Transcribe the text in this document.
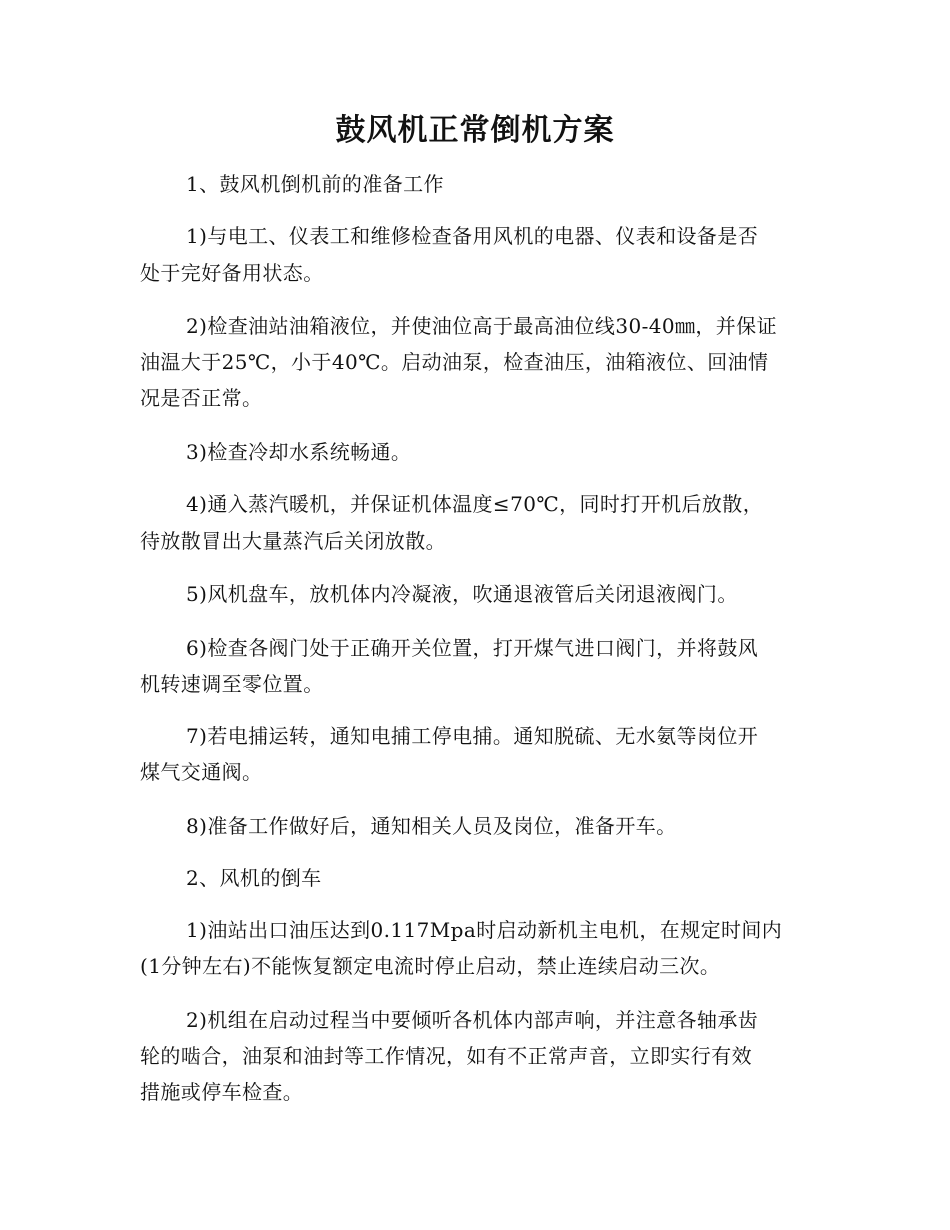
鼓风机正常倒机方案

1、鼓风机倒机前的准备工作

1)与电工、仪表工和维修检查备用风机的电器、仪表和设备是否

处于完好备用状态。

2)检查油站油箱液位，并使油位高于最高油位线30-40㎜，并保证

油温大于25℃，小于40℃。启动油泵，检查油压，油箱液位、回油情

况是否正常。

3)检查冷却水系统畅通。

4)通入蒸汽暖机，并保证机体温度≤70℃，同时打开机后放散，

待放散冒出大量蒸汽后关闭放散。

5)风机盘车，放机体内冷凝液，吹通退液管后关闭退液阀门。

6)检查各阀门处于正确开关位置，打开煤气进口阀门，并将鼓风

机转速调至零位置。

7)若电捕运转，通知电捕工停电捕。通知脱硫、无水氨等岗位开

煤气交通阀。

8)准备工作做好后，通知相关人员及岗位，准备开车。

2、风机的倒车

1)油站出口油压达到0.117Mpa时启动新机主电机，在规定时间内

(1分钟左右)不能恢复额定电流时停止启动，禁止连续启动三次。

2)机组在启动过程当中要倾听各机体内部声响，并注意各轴承齿

轮的啮合，油泵和油封等工作情况，如有不正常声音，立即实行有效

措施或停车检查。
